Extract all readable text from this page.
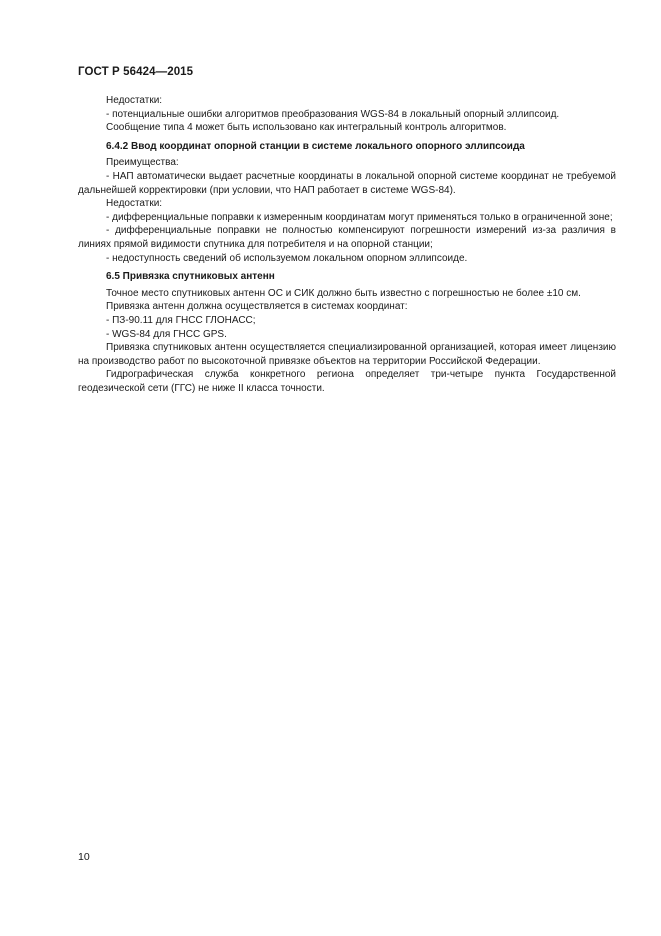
ГОСТ Р 56424—2015

Недостатки:

- потенциальные ошибки алгоритмов преобразования WGS-84 в локальный опорный эллипсоид.

Сообщение типа 4 может быть использовано как интегральный контроль алгоритмов.

6.4.2 Ввод координат опорной станции в системе локального опорного эллипсоида

Преимущества:

- НАП автоматически выдает расчетные координаты в локальной опорной системе координат не требуемой дальнейшей корректировки (при условии, что НАП работает в системе WGS-84).

Недостатки:

- дифференциальные поправки к измеренным координатам могут применяться только в ограниченной зоне;

- дифференциальные поправки не полностью компенсируют погрешности измерений из-за различия в линиях прямой видимости спутника для потребителя и на опорной станции;

- недоступность сведений об используемом локальном опорном эллипсоиде.

6.5 Привязка спутниковых антенн

Точное место спутниковых антенн ОС и СИК должно быть известно с погрешностью не более ±10 см.

Привязка антенн должна осуществляется в системах координат:

- ПЗ-90.11 для ГНСС ГЛОНАСС;

- WGS-84 для ГНСС GPS.

Привязка спутниковых антенн осуществляется специализированной организацией, которая имеет лицензию на производство работ по высокоточной привязке объектов на территории Российской Федерации.

Гидрографическая служба конкретного региона определяет три-четыре пункта Государственной геодезической сети (ГГС) не ниже II класса точности.

10
